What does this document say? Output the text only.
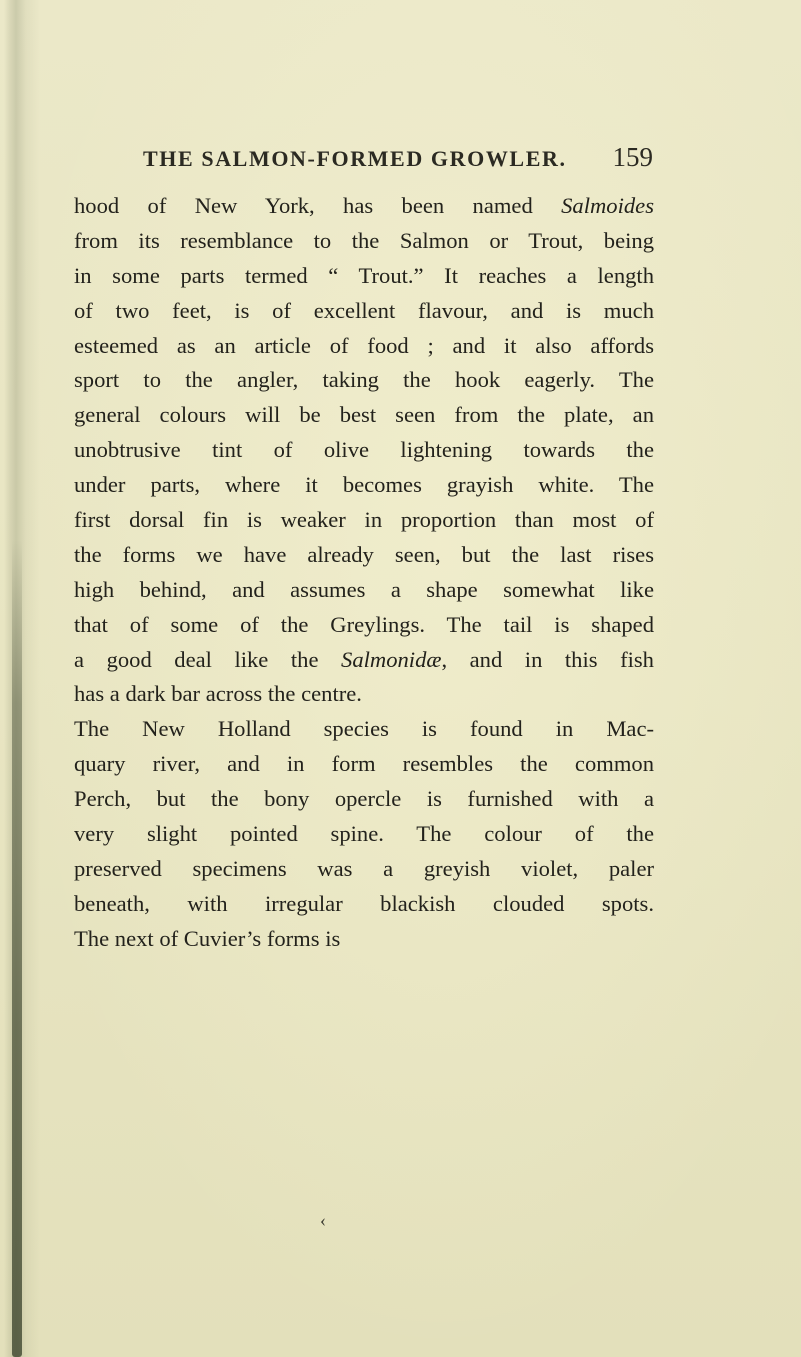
THE SALMON-FORMED GROWLER. 159
hood of New York, has been named Salmoides
from its resemblance to the Salmon or Trout, being
in some parts termed “ Trout.” It reaches a length
of two feet, is of excellent flavour, and is much
esteemed as an article of food ; and it also affords
sport to the angler, taking the hook eagerly. The
general colours will be best seen from the plate, an
unobtrusive tint of olive lightening towards the
under parts, where it becomes grayish white. The
first dorsal fin is weaker in proportion than most of
the forms we have already seen, but the last rises
high behind, and assumes a shape somewhat like
that of some of the Greylings. The tail is shaped
a good deal like the Salmonidæ, and in this fish
has a dark bar across the centre.
The New Holland species is found in Mac-
quary river, and in form resembles the common
Perch, but the bony opercle is furnished with a
very slight pointed spine. The colour of the
preserved specimens was a greyish violet, paler
beneath, with irregular blackish clouded spots.
The next of Cuvier’s forms is
‹
